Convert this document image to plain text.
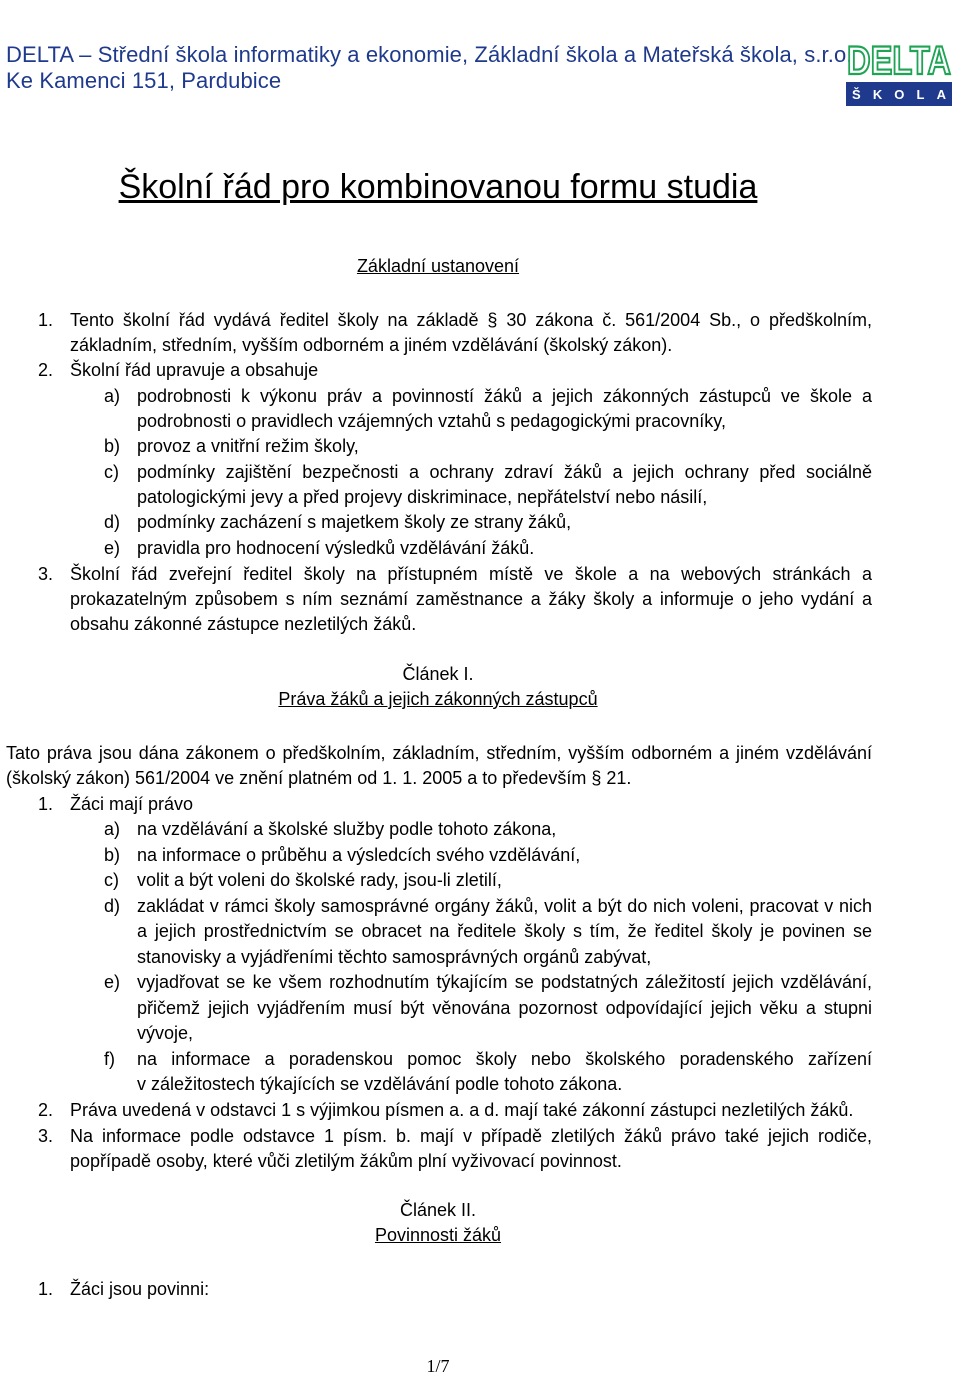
DELTA – Střední škola informatiky a ekonomie, Základní škola a Mateřská škola, s.r.o.
Ke Kamenci 151, Pardubice	DELTA
Š K O L A
Školní řád pro kombinovanou formu studia
Základní ustanovení
1. Tento školní řád vydává ředitel školy na základě § 30 zákona č. 561/2004 Sb., o předškolním,
základním, středním, vyšším odborném a jiném vzdělávání (školský zákon).
2. Školní řád upravuje a obsahuje
a) podrobnosti k výkonu práv a povinností žáků a jejich zákonných zástupců ve škole a
podrobnosti o pravidlech vzájemných vztahů s pedagogickými pracovníky,
b) provoz a vnitřní režim školy,
c) podmínky zajištění bezpečnosti a ochrany zdraví žáků a jejich ochrany před sociálně
patologickými jevy a před projevy diskriminace, nepřátelství nebo násilí,
d) podmínky zacházení s majetkem školy ze strany žáků,
e) pravidla pro hodnocení výsledků vzdělávání žáků.
3. Školní řád zveřejní ředitel školy na přístupném místě ve škole a na webových stránkách a
prokazatelným způsobem s ním seznámí zaměstnance a žáky školy a informuje o jeho vydání a
obsahu zákonné zástupce nezletilých žáků.
Článek I.
Práva žáků a jejich zákonných zástupců
Tato práva jsou dána zákonem o předškolním, základním, středním, vyšším odborném a jiném vzdělávání
(školský zákon) 561/2004 ve znění platném od 1. 1. 2005 a to především § 21.
1. Žáci mají právo
a) na vzdělávání a školské služby podle tohoto zákona,
b) na informace o průběhu a výsledcích svého vzdělávání,
c) volit a být voleni do školské rady, jsou-li zletilí,
d) zakládat v rámci školy samosprávné orgány žáků, volit a být do nich voleni, pracovat v nich
a jejich prostřednictvím se obracet na ředitele školy s tím, že ředitel školy je povinen se
stanovisky a vyjádřeními těchto samosprávných orgánů zabývat,
e) vyjadřovat se ke všem rozhodnutím týkajícím se podstatných záležitostí jejich vzdělávání,
přičemž jejich vyjádřením musí být věnována pozornost odpovídající jejich věku a stupni
vývoje,
f) na informace a poradenskou pomoc školy nebo školského poradenského zařízení
v záležitostech týkajících se vzdělávání podle tohoto zákona.
2. Práva uvedená v odstavci 1 s výjimkou písmen a. a d. mají také zákonní zástupci nezletilých žáků.
3. Na informace podle odstavce 1 písm. b. mají v případě zletilých žáků právo také jejich rodiče,
popřípadě osoby, které vůči zletilým žákům plní vyživovací povinnost.
Článek II.
Povinnosti žáků
1. Žáci jsou povinni:
1/7
